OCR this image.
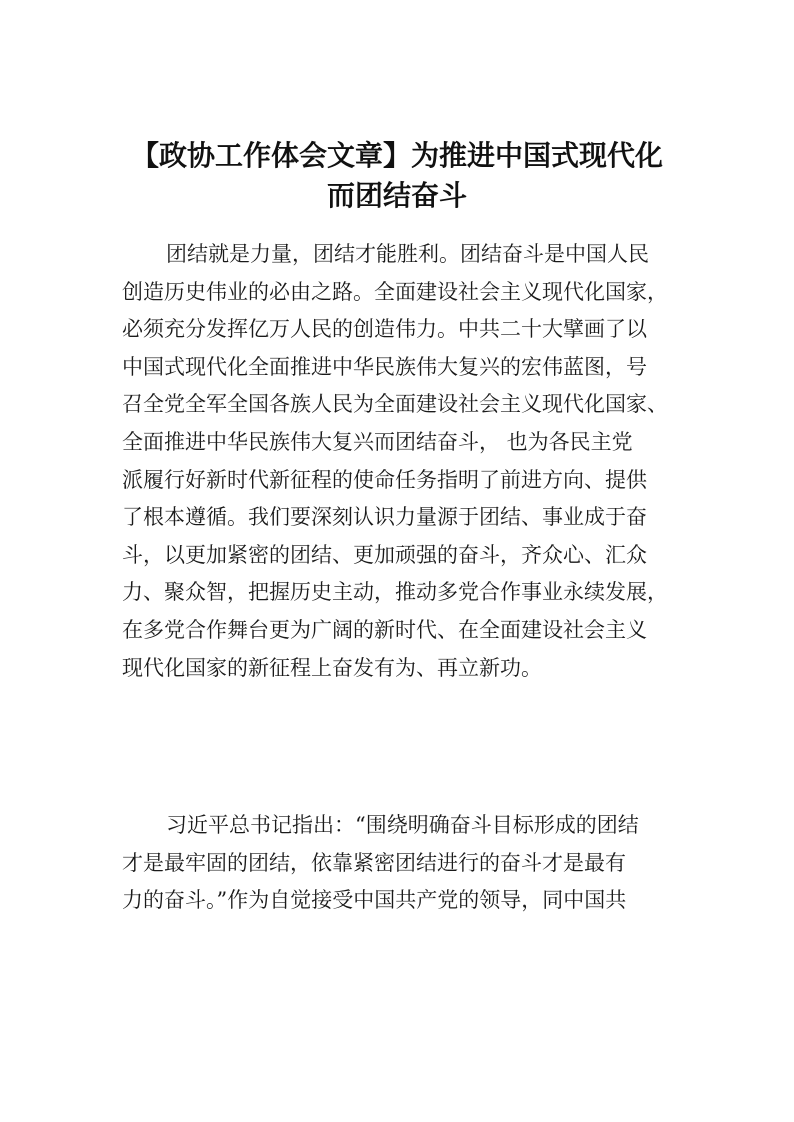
【政协工作体会文章】为推进中国式现代化
而团结奋斗
团结就是力量，团结才能胜利。团结奋斗是中国人民
创造历史伟业的必由之路。全面建设社会主义现代化国家，
必须充分发挥亿万人民的创造伟力。中共二十大擘画了以
中国式现代化全面推进中华民族伟大复兴的宏伟蓝图，号
召全党全军全国各族人民为全面建设社会主义现代化国家、
全面推进中华民族伟大复兴而团结奋斗， 也为各民主党
派履行好新时代新征程的使命任务指明了前进方向、提供
了根本遵循。我们要深刻认识力量源于团结、事业成于奋
斗，以更加紧密的团结、更加顽强的奋斗，齐众心、汇众
力、聚众智，把握历史主动，推动多党合作事业永续发展，
在多党合作舞台更为广阔的新时代、在全面建设社会主义
现代化国家的新征程上奋发有为、再立新功。
习近平总书记指出：“围绕明确奋斗目标形成的团结
才是最牢固的团结，依靠紧密团结进行的奋斗才是最有
力的奋斗。”作为自觉接受中国共产党的领导，同中国共
